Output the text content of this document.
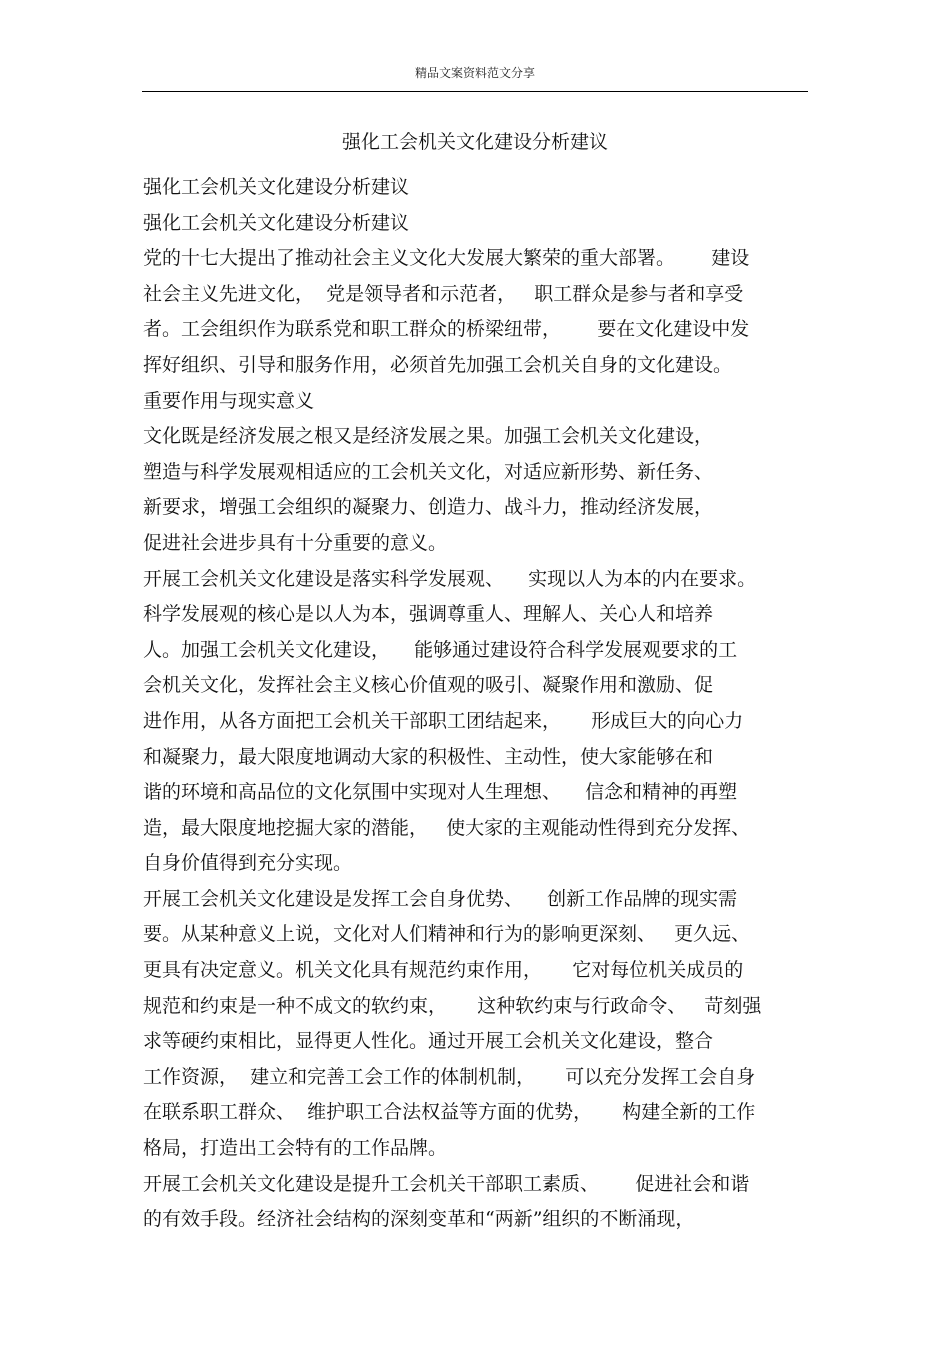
精品文案资料范文分享
强化工会机关文化建设分析建议
强化工会机关文化建设分析建议
强化工会机关文化建设分析建议
党的十七大提出了推动社会主义文化大发展大繁荣的重大部署。      建设
社会主义先进文化，  党是领导者和示范者，   职工群众是参与者和享受
者。工会组织作为联系党和职工群众的桥梁纽带，      要在文化建设中发
挥好组织、引导和服务作用，必须首先加强工会机关自身的文化建设。
重要作用与现实意义
文化既是经济发展之根又是经济发展之果。加强工会机关文化建设，
塑造与科学发展观相适应的工会机关文化，对适应新形势、新任务、
新要求，增强工会组织的凝聚力、创造力、战斗力，推动经济发展，
促进社会进步具有十分重要的意义。
开展工会机关文化建设是落实科学发展观、    实现以人为本的内在要求。
科学发展观的核心是以人为本，强调尊重人、理解人、关心人和培养
人。加强工会机关文化建设，    能够通过建设符合科学发展观要求的工
会机关文化，发挥社会主义核心价值观的吸引、凝聚作用和激励、促
进作用，从各方面把工会机关干部职工团结起来，     形成巨大的向心力
和凝聚力，最大限度地调动大家的积极性、主动性，使大家能够在和
谐的环境和高品位的文化氛围中实现对人生理想、    信念和精神的再塑
造，最大限度地挖掘大家的潜能，   使大家的主观能动性得到充分发挥、
自身价值得到充分实现。
开展工会机关文化建设是发挥工会自身优势、    创新工作品牌的现实需
要。从某种意义上说，文化对人们精神和行为的影响更深刻、   更久远、
更具有决定意义。机关文化具有规范约束作用，     它对每位机关成员的
规范和约束是一种不成文的软约束，     这种软约束与行政命令、   苛刻强
求等硬约束相比，显得更人性化。通过开展工会机关文化建设，整合
工作资源，  建立和完善工会工作的体制机制，     可以充分发挥工会自身
在联系职工群众、  维护职工合法权益等方面的优势，     构建全新的工作
格局，打造出工会特有的工作品牌。
开展工会机关文化建设是提升工会机关干部职工素质、      促进社会和谐
的有效手段。经济社会结构的深刻变革和“两新”组织的不断涌现，
